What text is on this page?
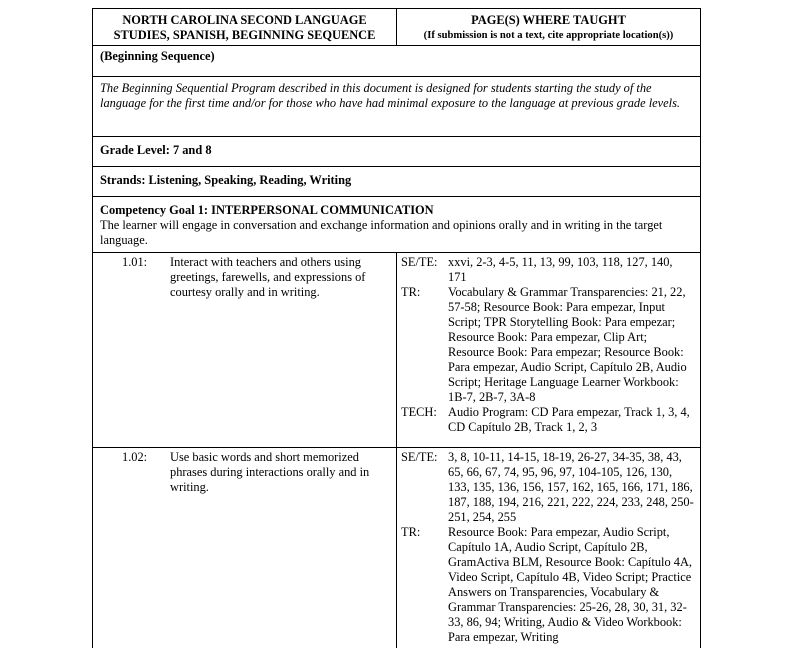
NORTH CAROLINA SECOND LANGUAGE
STUDIES, SPANISH, BEGINNING SEQUENCE
PAGE(S) WHERE TAUGHT
(If submission is not a text, cite appropriate location(s))
(Beginning Sequence)
The Beginning Sequential Program described in this document is designed for students starting the study of the language for the first time and/or for those who have had minimal exposure to the language at previous grade levels.
Grade Level: 7 and 8
Strands: Listening, Speaking, Reading, Writing
Competency Goal 1: INTERPERSONAL COMMUNICATION
The learner will engage in conversation and exchange information and opinions orally and in writing in the target language.
1.01:	Interact with teachers and others using greetings, farewells, and expressions of courtesy orally and in writing.
SE/TE: xxvi, 2-3, 4-5, 11, 13, 99, 103, 118, 127, 140, 171
TR:	Vocabulary & Grammar Transparencies: 21, 22, 57-58; Resource Book: Para empezar, Input Script; TPR Storytelling Book: Para empezar; Resource Book: Para empezar, Clip Art; Resource Book: Para empezar; Resource Book: Para empezar, Audio Script, Capítulo 2B, Audio Script; Heritage Language Learner Workbook: 1B-7, 2B-7, 3A-8
TECH: Audio Program: CD Para empezar, Track 1, 3, 4, CD Capítulo 2B, Track 1, 2, 3
1.02:	Use basic words and short memorized phrases during interactions orally and in writing.
SE/TE: 3, 8, 10-11, 14-15, 18-19, 26-27, 34-35, 38, 43, 65, 66, 67, 74, 95, 96, 97, 104-105, 126, 130, 133, 135, 136, 156, 157, 162, 165, 166, 171, 186, 187, 188, 194, 216, 221, 222, 224, 233, 248, 250-251, 254, 255
TR:	Resource Book: Para empezar, Audio Script, Capítulo 1A, Audio Script, Capítulo 2B, GramActiva BLM, Resource Book: Capítulo 4A, Video Script, Capítulo 4B, Video Script; Practice Answers on Transparencies, Vocabulary & Grammar Transparencies: 25-26, 28, 30, 31, 32-33, 86, 94; Writing, Audio & Video Workbook: Para empezar, Writing
